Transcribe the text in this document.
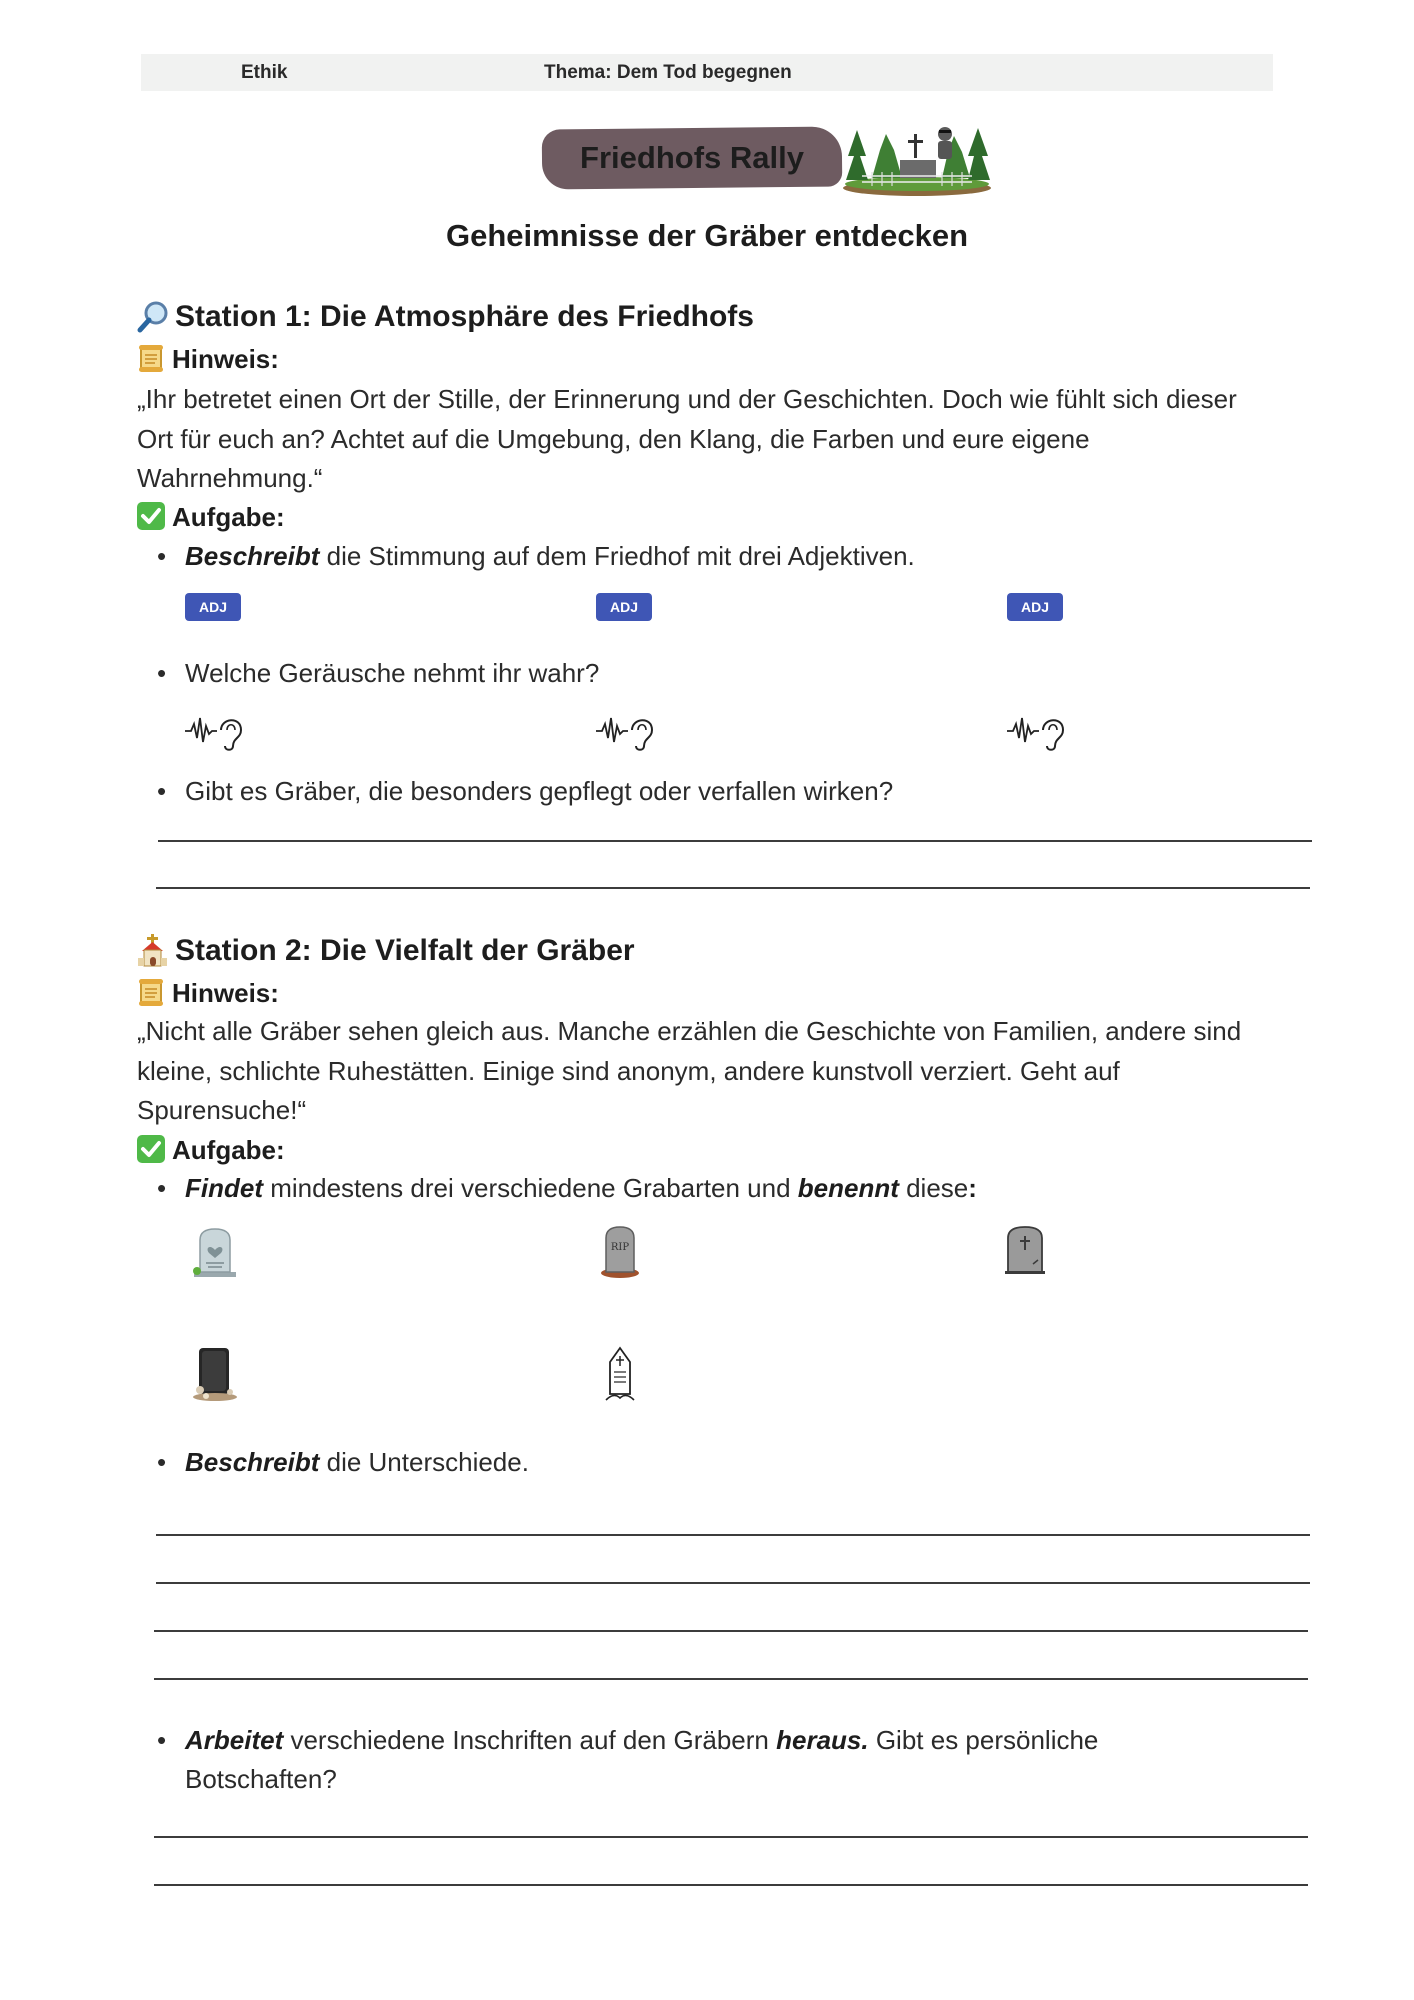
Ethik	Thema: Dem Tod begegnen
Friedhofs Rally
Geheimnisse der Gräber entdecken
Station 1: Die Atmosphäre des Friedhofs
Hinweis:
„Ihr betretet einen Ort der Stille, der Erinnerung und der Geschichten. Doch wie fühlt sich dieser Ort für euch an? Achtet auf die Umgebung, den Klang, die Farben und eure eigene Wahrnehmung.“
Aufgabe:
• Beschreibt die Stimmung auf dem Friedhof mit drei Adjektiven.
ADJ	ADJ	ADJ
• Welche Geräusche nehmt ihr wahr?
• Gibt es Gräber, die besonders gepflegt oder verfallen wirken?
Station 2: Die Vielfalt der Gräber
Hinweis:
„Nicht alle Gräber sehen gleich aus. Manche erzählen die Geschichte von Familien, andere sind kleine, schlichte Ruhestätten. Einige sind anonym, andere kunstvoll verziert. Geht auf Spurensuche!“
Aufgabe:
• Findet mindestens drei verschiedene Grabarten und benennt diese:
RIP
• Beschreibt die Unterschiede.
• Arbeitet verschiedene Inschriften auf den Gräbern heraus. Gibt es persönliche
Botschaften?
